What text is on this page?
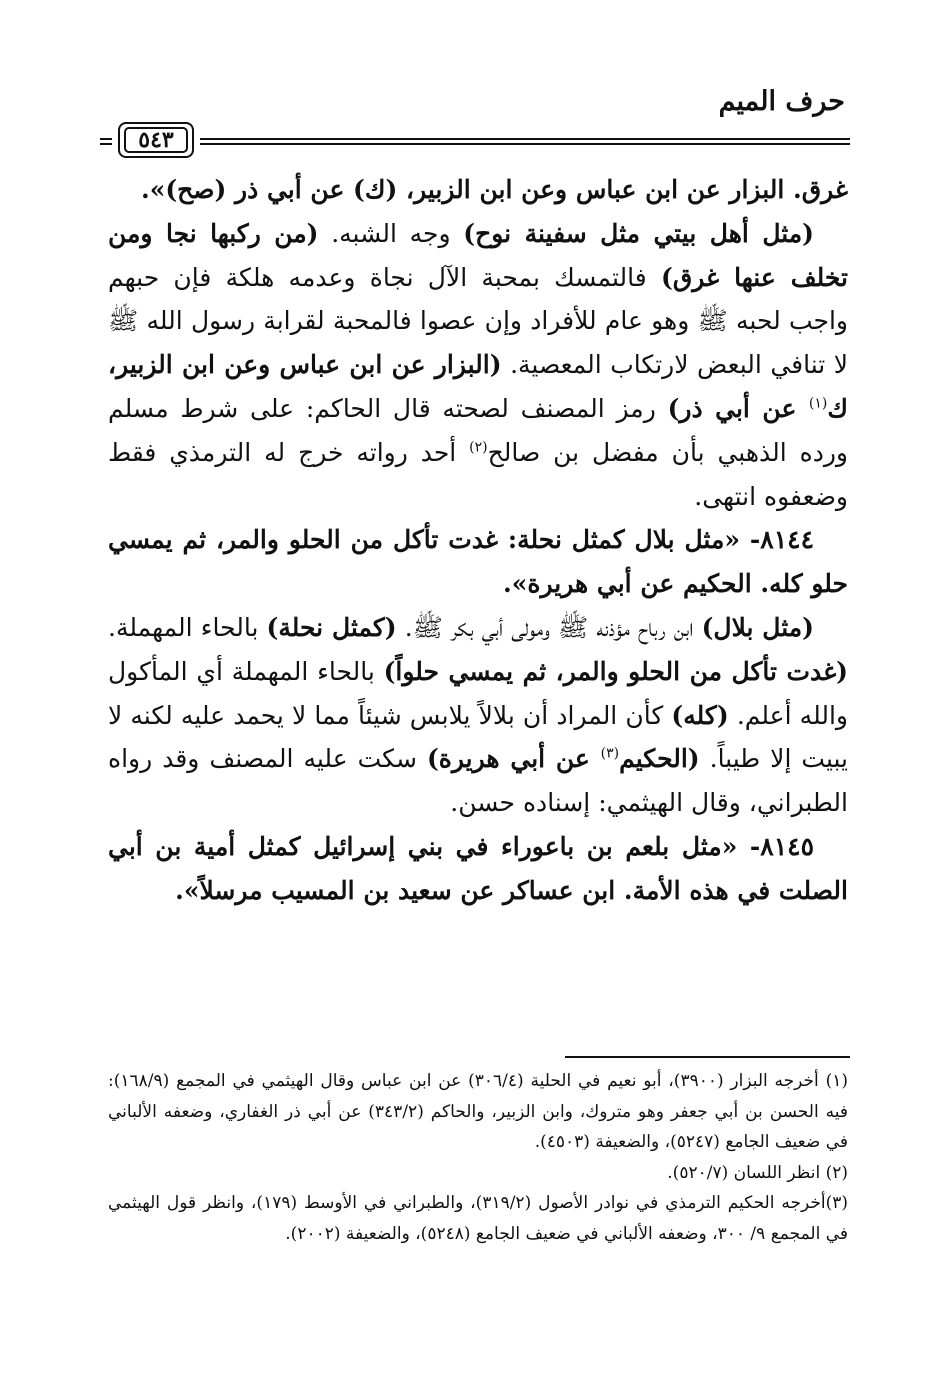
حرف الميم
٥٤٣

غرق. البزار عن ابن عباس وعن ابن الزبير، (ك) عن أبي ذر (صح)».

(مثل أهل بيتي مثل سفينة نوح) وجه الشبه. (من ركبها نجا ومن تخلف عنها غرق) فالتمسك بمحبة الآل نجاة وعدمه هلكة فإن حبهم واجب لحبه ﷺ وهو عام للأفراد وإن عصوا فالمحبة لقرابة رسول الله ﷺ لا تنافي البعض لارتكاب المعصية. (البزار عن ابن عباس وعن ابن الزبير، ك$^{(١)}$ عن أبي ذر) رمز المصنف لصحته قال الحاكم: على شرط مسلم ورده الذهبي بأن مفضل بن صالح$^{(٢)}$ أحد رواته خرج له الترمذي فقط وضعفوه انتهى.

٨١٤٤- «مثل بلال كمثل نحلة: غدت تأكل من الحلو والمر، ثم يمسي حلو كله. الحكيم عن أبي هريرة».

(مثل بلال) ابن رباح مؤذنه ﷺ ومولى أبي بكر ﷺ. (كمثل نحلة) بالحاء المهملة. (غدت تأكل من الحلو والمر، ثم يمسي حلواً) بالحاء المهملة أي المأكول والله أعلم. (كله) كأن المراد أن بلالاً يلابس شيئاً مما لا يحمد عليه لكنه لا يبيت إلا طيباً. (الحكيم$^{(٣)}$ عن أبي هريرة) سكت عليه المصنف وقد رواه الطبراني، وقال الهيثمي: إسناده حسن.

٨١٤٥- «مثل بلعم بن باعوراء في بني إسرائيل كمثل أمية بن أبي الصلت في هذه الأمة. ابن عساكر عن سعيد بن المسيب مرسلاً».

(١) أخرجه البزار (٣٩٠٠)، أبو نعيم في الحلية (٣٠٦/٤) عن ابن عباس وقال الهيثمي في المجمع (١٦٨/٩): فيه الحسن بن أبي جعفر وهو متروك، وابن الزبير، والحاكم (٣٤٣/٢) عن أبي ذر الغفاري، وضعفه الألباني في ضعيف الجامع (٥٢٤٧)، والضعيفة (٤٥٠٣).

(٢) انظر اللسان (٥٢٠/٧).

(٣)أخرجه الحكيم الترمذي في نوادر الأصول (٣١٩/٢)، والطبراني في الأوسط (١٧٩)، وانظر قول الهيثمي في المجمع ٩/ ٣٠٠، وضعفه الألباني في ضعيف الجامع (٥٢٤٨)، والضعيفة (٢٠٠٢).
